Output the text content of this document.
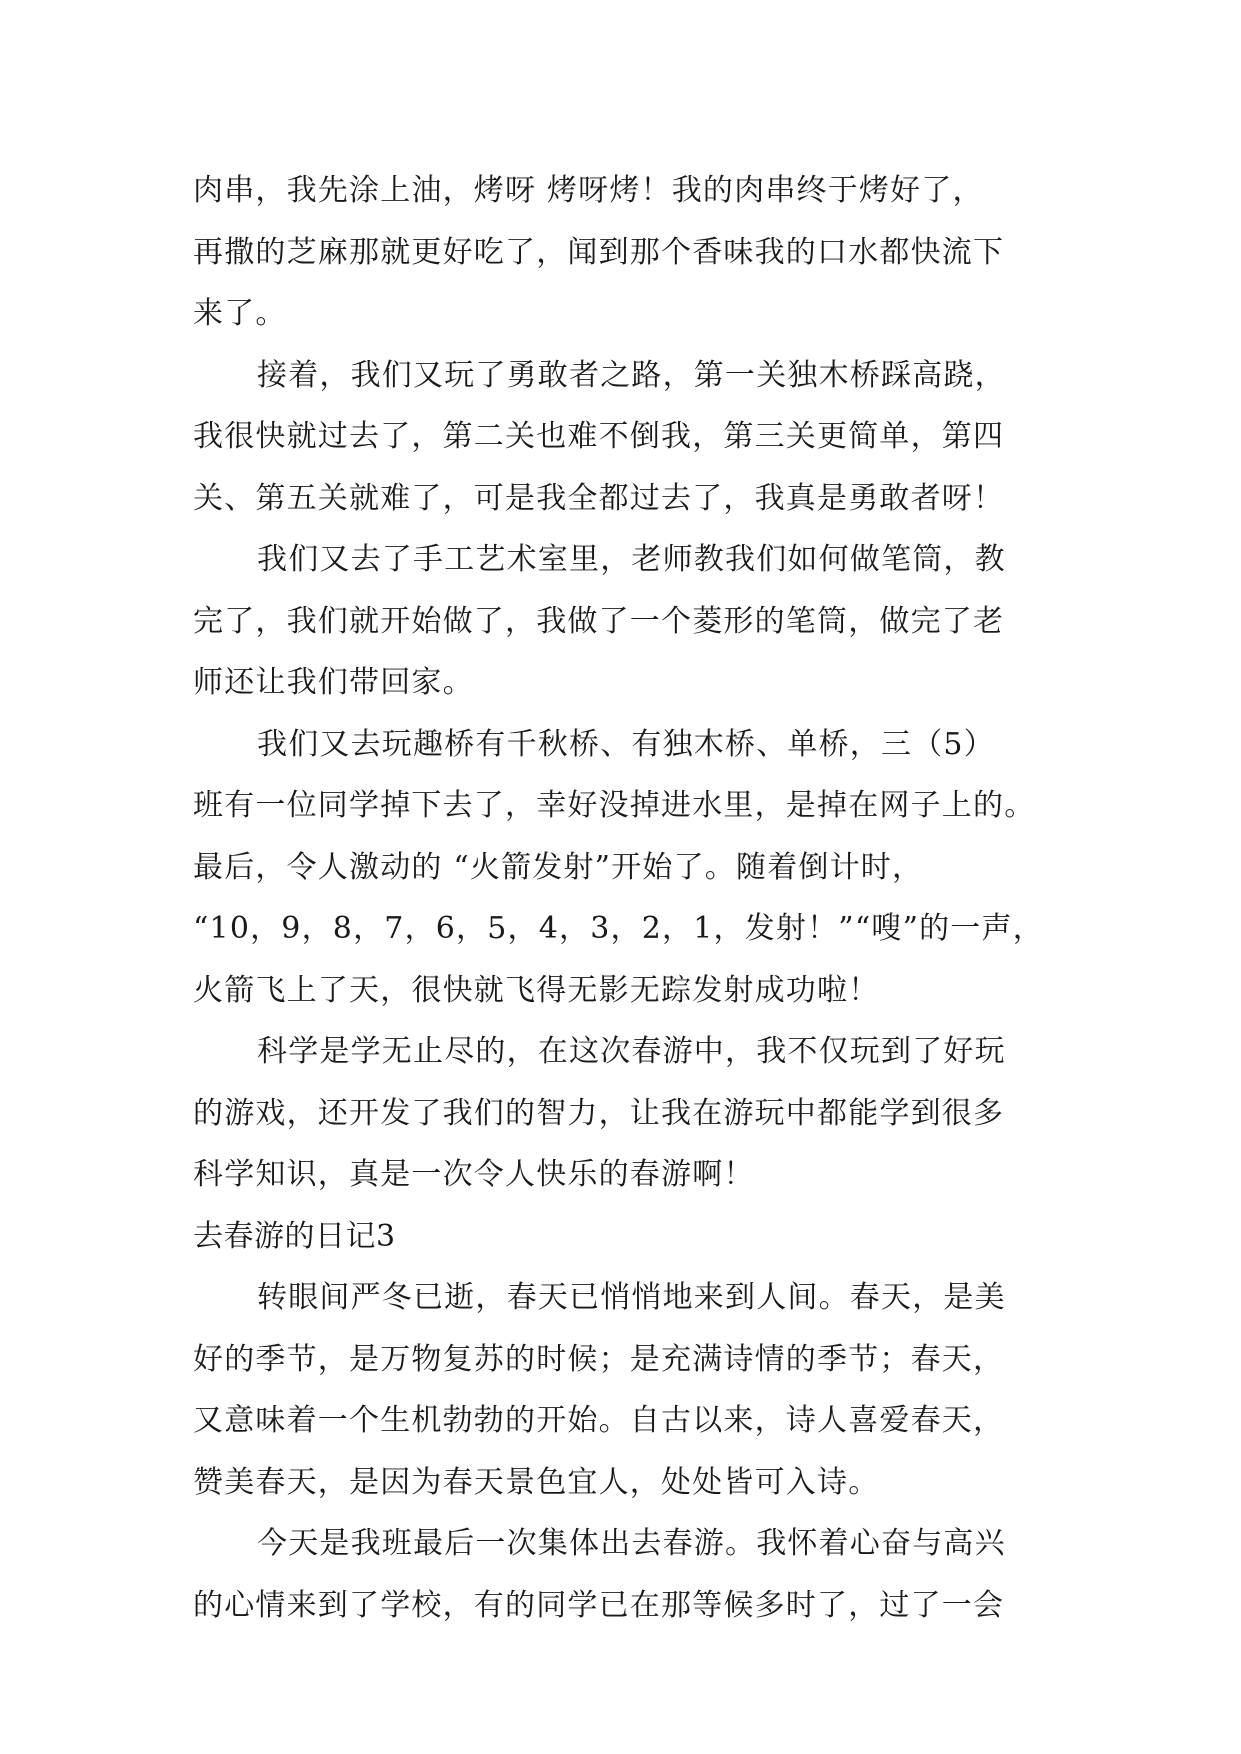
肉串，我先涂上油，烤呀 烤呀烤！我的肉串终于烤好了，
再撒的芝麻那就更好吃了，闻到那个香味我的口水都快流下
来了。
接着，我们又玩了勇敢者之路，第一关独木桥踩高跷，
我很快就过去了，第二关也难不倒我，第三关更简单，第四
关、第五关就难了，可是我全都过去了，我真是勇敢者呀！
我们又去了手工艺术室里，老师教我们如何做笔筒，教
完了，我们就开始做了，我做了一个菱形的笔筒，做完了老
师还让我们带回家。
我们又去玩趣桥有千秋桥、有独木桥、单桥，三（5）
班有一位同学掉下去了，幸好没掉进水里，是掉在网子上的。
最后，令人激动的 “火箭发射”开始了。随着倒计时，
“10，9，8，7，6，5，4，3，2，1，发射！”“嗖”的一声，
火箭飞上了天，很快就飞得无影无踪发射成功啦！
科学是学无止尽的，在这次春游中，我不仅玩到了好玩
的游戏，还开发了我们的智力，让我在游玩中都能学到很多
科学知识，真是一次令人快乐的春游啊！
去春游的日记3
转眼间严冬已逝，春天已悄悄地来到人间。春天，是美
好的季节，是万物复苏的时候；是充满诗情的季节；春天，
又意味着一个生机勃勃的开始。自古以来，诗人喜爱春天，
赞美春天，是因为春天景色宜人，处处皆可入诗。
今天是我班最后一次集体出去春游。我怀着心奋与高兴
的心情来到了学校，有的同学已在那等候多时了，过了一会
